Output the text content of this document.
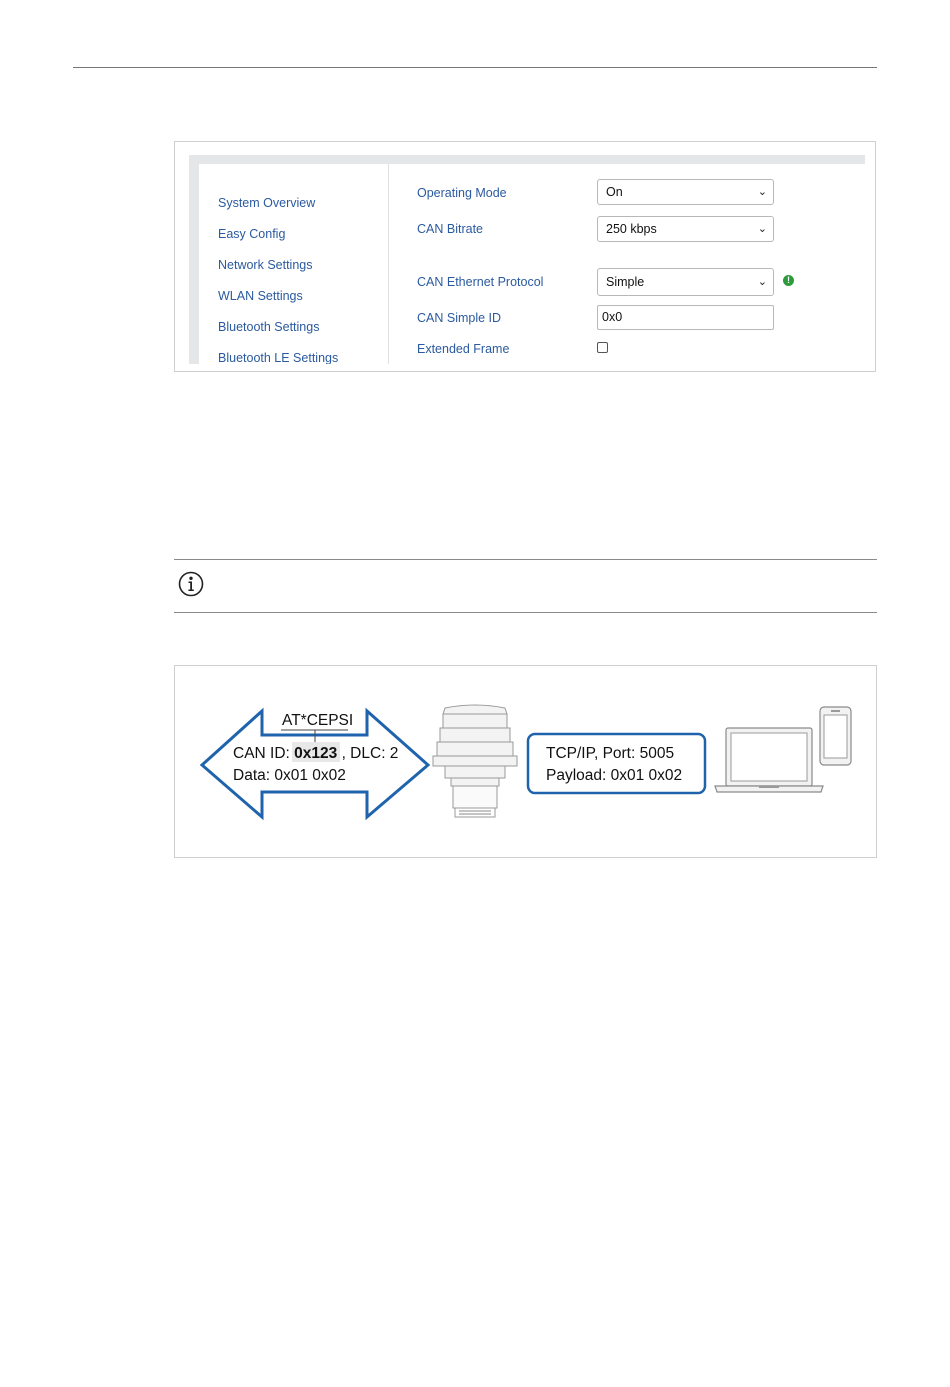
System Overview
Easy Config
Network Settings
WLAN Settings
Bluetooth Settings
Bluetooth LE Settings
Operating Mode	On	⌄
CAN Bitrate	250 kbps	⌄
CAN Ethernet Protocol	Simple	⌄	!
CAN Simple ID	0x0
Extended Frame
AT*CEPSI
CAN ID: 0x123 , DLC: 2
Data: 0x01 0x02
TCP/IP, Port: 5005
Payload: 0x01 0x02
